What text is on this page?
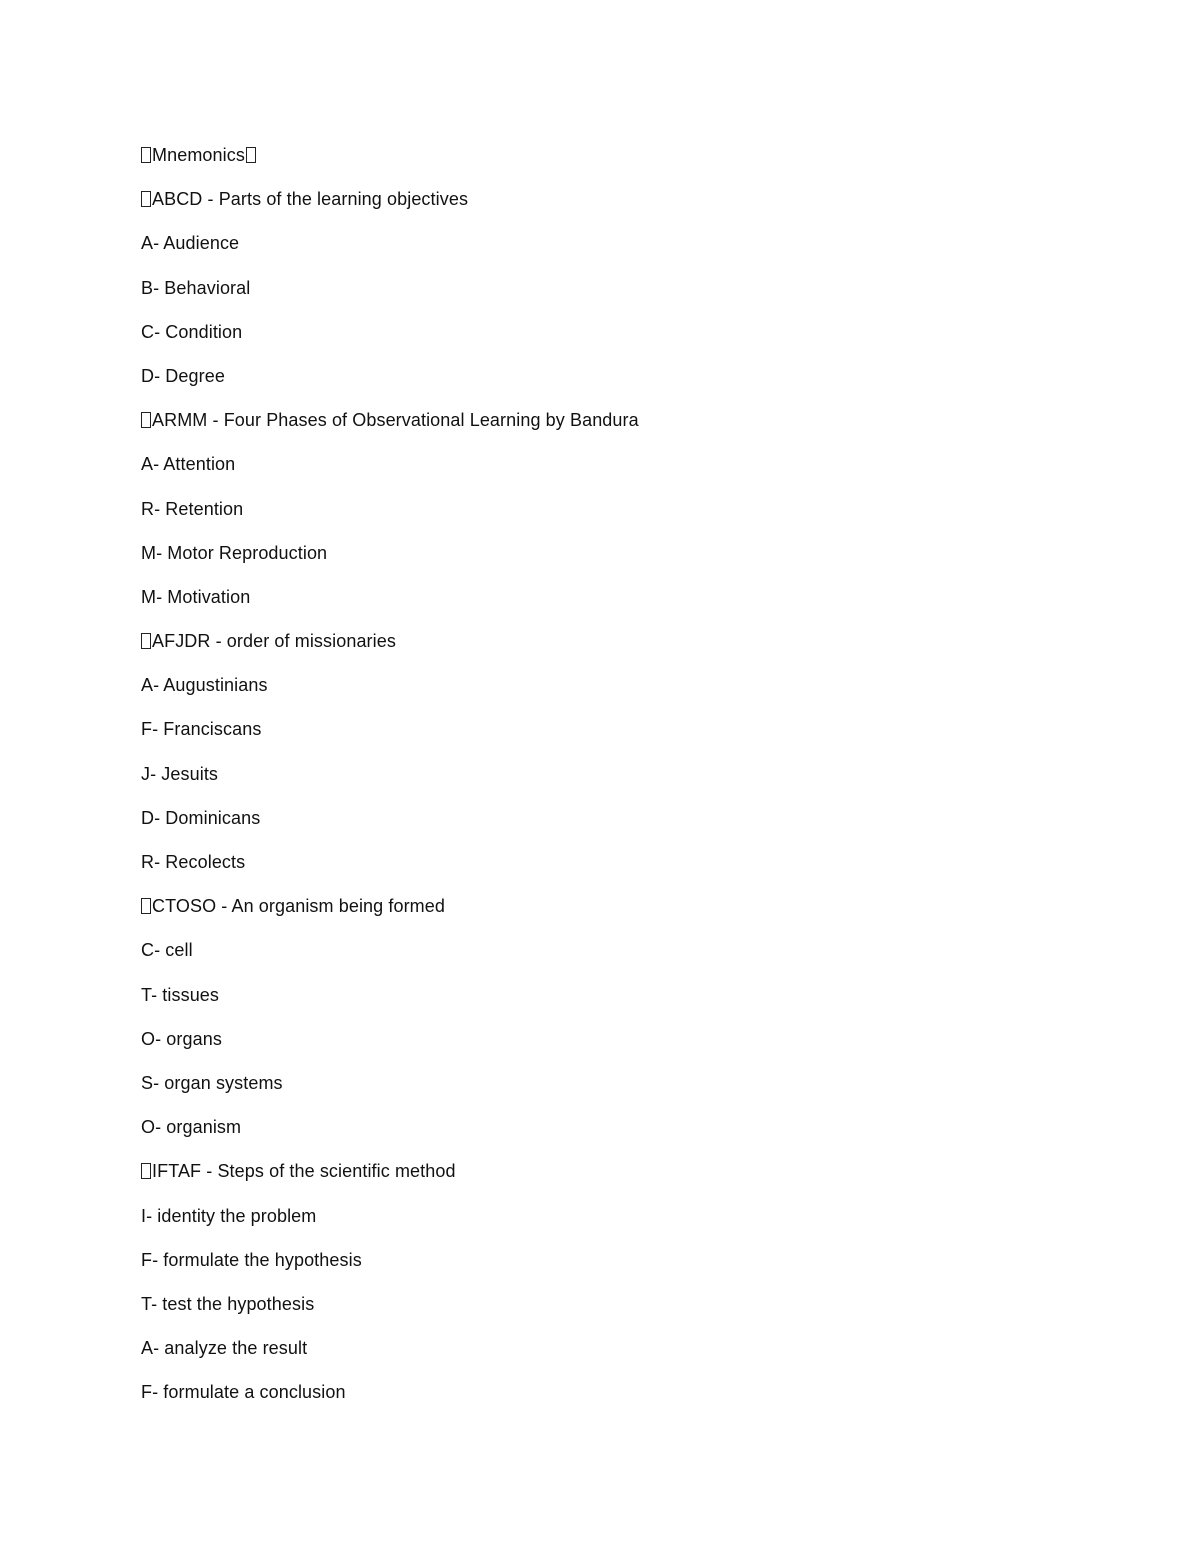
Mnemonics
ABCD - Parts of the learning objectives
A- Audience
B- Behavioral
C- Condition
D- Degree
ARMM - Four Phases of Observational Learning by Bandura
A- Attention
R- Retention
M- Motor Reproduction
M- Motivation
AFJDR - order of missionaries
A- Augustinians
F- Franciscans
J- Jesuits
D- Dominicans
R- Recolects
CTOSO - An organism being formed
C- cell
T- tissues
O- organs
S- organ systems
O- organism
IFTAF - Steps of the scientific method
I- identity the problem
F- formulate the hypothesis
T- test the hypothesis
A- analyze the result
F- formulate a conclusion
